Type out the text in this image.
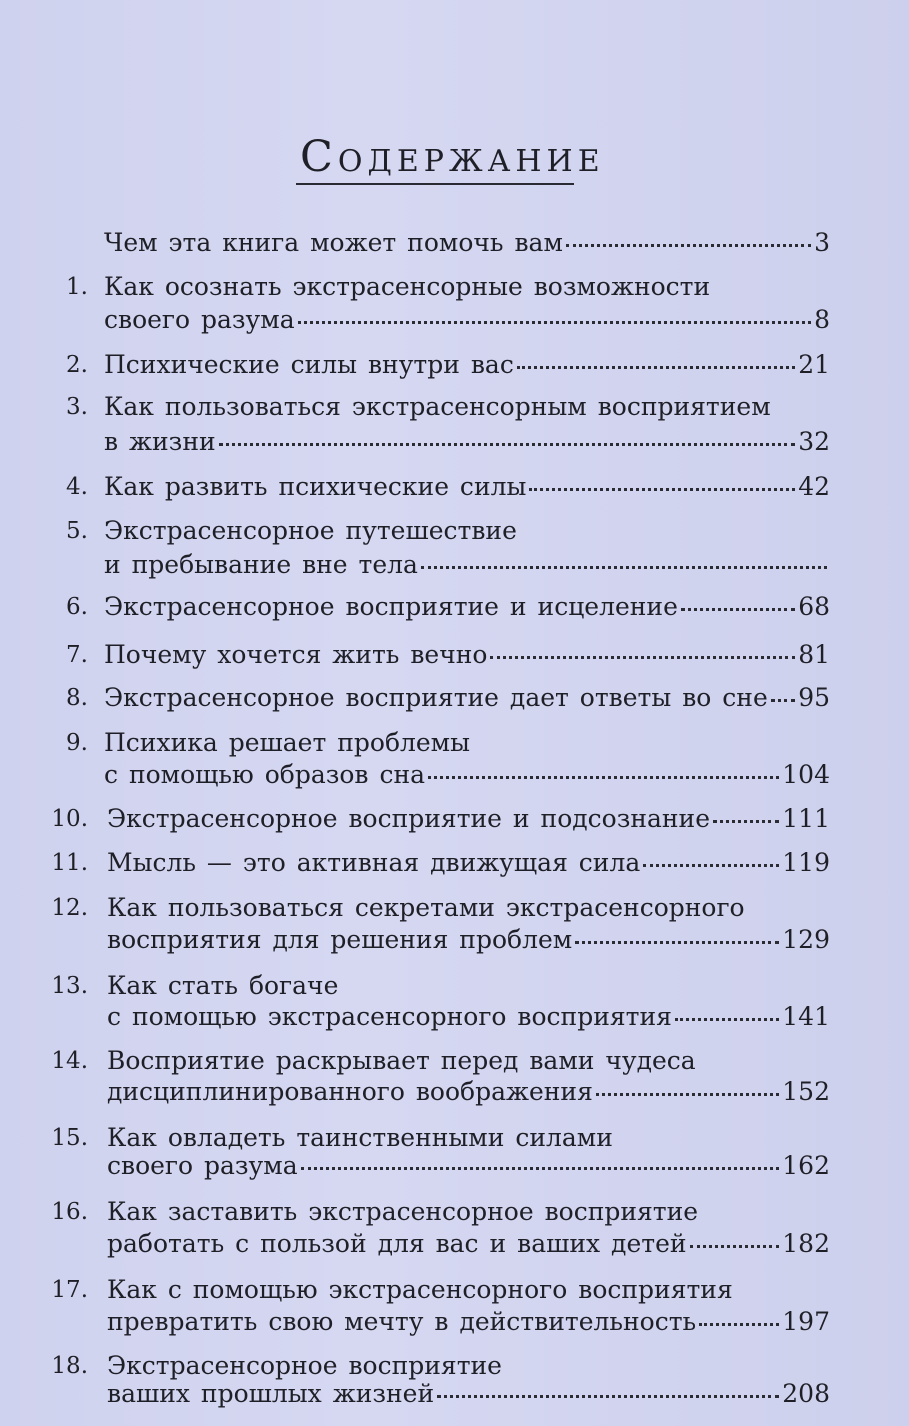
Содержание
Чем эта книга может помочь вам	3
1. Как осознать экстрасенсорные возможности
своего разума	8
2. Психические силы внутри вас	21
3. Как пользоваться экстрасенсорным восприятием
в жизни	32
4. Как развить психические силы	42
5. Экстрасенсорное путешествие
и пребывание вне тела
6. Экстрасенсорное восприятие и исцеление	68
7. Почему хочется жить вечно	81
8. Экстрасенсорное восприятие дает ответы во сне 95
9. Психика решает проблемы
с помощью образов сна	104
10. Экстрасенсорное восприятие и подсознание	111
11. Мысль — это активная движущая сила	119
12. Как пользоваться секретами экстрасенсорного
восприятия для решения проблем	129
13. Как стать богаче
с помощью экстрасенсорного восприятия	141
14. Восприятие раскрывает перед вами чудеса
дисциплинированного воображения	152
15. Как овладеть таинственными силами
своего разума	162
16. Как заставить экстрасенсорное восприятие
работать с пользой для вас и ваших детей	182
17. Как с помощью экстрасенсорного восприятия
превратить свою мечту в действительность	197
18. Экстрасенсорное восприятие
ваших прошлых жизней	208
